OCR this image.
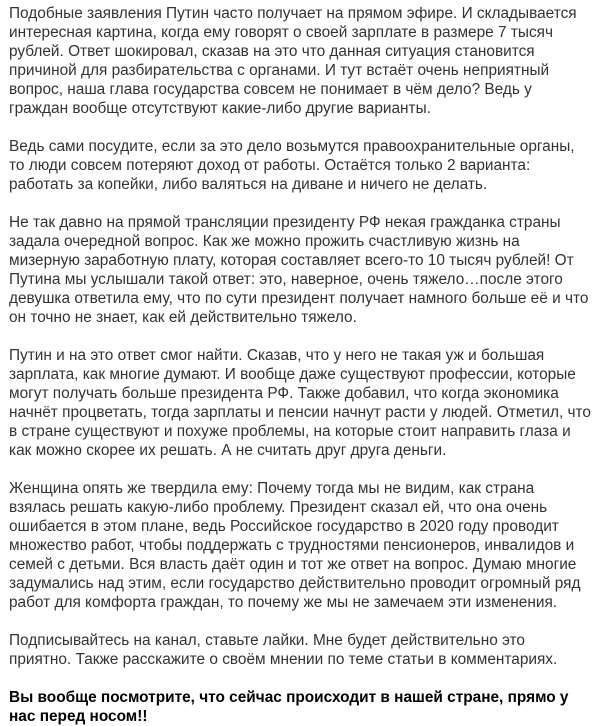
Подобные заявления Путин часто получает на прямом эфире. И складывается интересная картина, когда ему говорят о своей зарплате в размере 7 тысяч рублей. Ответ шокировал, сказав на это что данная ситуация становится причиной для разбирательства с органами. И тут встаёт очень неприятный вопрос, наша глава государства совсем не понимает в чём дело? Ведь у граждан вообще отсутствуют какие-либо другие варианты.

Ведь сами посудите, если за это дело возьмутся правоохранительные органы, то люди совсем потеряют доход от работы. Остаётся только 2 варианта: работать за копейки, либо валяться на диване и ничего не делать.

Не так давно на прямой трансляции президенту РФ некая гражданка страны задала очередной вопрос. Как же можно прожить счастливую жизнь на мизерную заработную плату, которая составляет всего-то 10 тысяч рублей! От Путина мы услышали такой ответ: это, наверное, очень тяжело…после этого девушка ответила ему, что по сути президент получает намного больше её и что он точно не знает, как ей действительно тяжело.

Путин и на это ответ смог найти. Сказав, что у него не такая уж и большая зарплата, как многие думают. И вообще даже существуют профессии, которые могут получать больше президента РФ. Также добавил, что когда экономика начнёт процветать, тогда зарплаты и пенсии начнут расти у людей. Отметил, что в стране существуют и похуже проблемы, на которые стоит направить глаза и как можно скорее их решать. А не считать друг друга деньги.

Женщина опять же твердила ему: Почему тогда мы не видим, как страна взялась решать какую-либо проблему. Президент сказал ей, что она очень ошибается в этом плане, ведь Российское государство в 2020 году проводит множество работ, чтобы поддержать с трудностями пенсионеров, инвалидов и семей с детьми. Вся власть даёт один и тот же ответ на вопрос. Думаю многие задумались над этим, если государство действительно проводит огромный ряд работ для комфорта граждан, то почему же мы не замечаем эти изменения.

Подписывайтесь на канал, ставьте лайки. Мне будет действительно это приятно. Также расскажите о своём мнении по теме статьи в комментариях.

Вы вообще посмотрите, что сейчас происходит в нашей стране, прямо у нас перед носом!!
